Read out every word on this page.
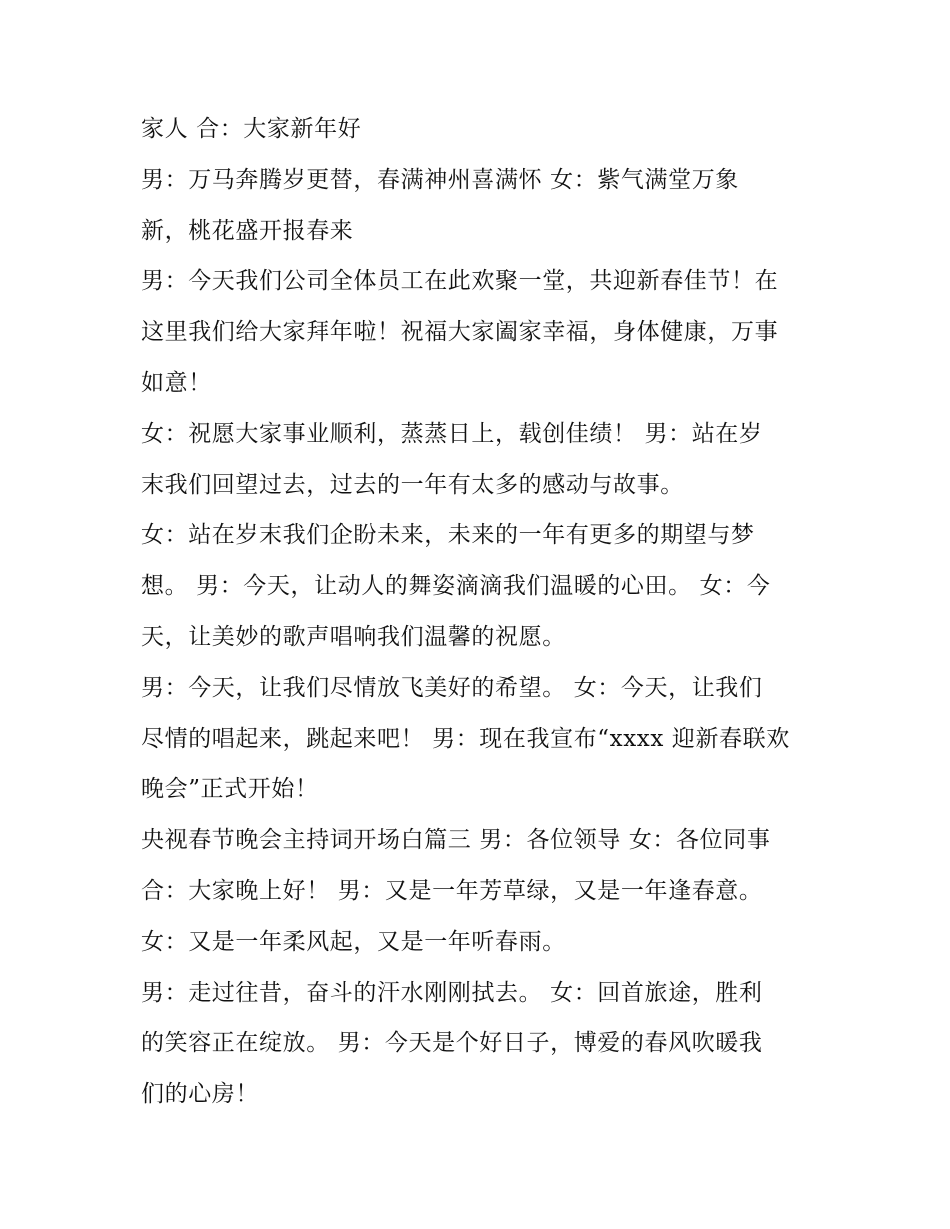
家人 合：大家新年好
男：万马奔腾岁更替，春满神州喜满怀 女：紫气满堂万象
新，桃花盛开报春来
男：今天我们公司全体员工在此欢聚一堂，共迎新春佳节！在
这里我们给大家拜年啦！祝福大家阖家幸福，身体健康，万事
如意！
女：祝愿大家事业顺利，蒸蒸日上，载创佳绩！ 男：站在岁
末我们回望过去，过去的一年有太多的感动与故事。
女：站在岁末我们企盼未来，未来的一年有更多的期望与梦
想。 男：今天，让动人的舞姿滴滴我们温暖的心田。 女：今
天，让美妙的歌声唱响我们温馨的祝愿。
男：今天，让我们尽情放飞美好的希望。 女：今天，让我们
尽情的唱起来，跳起来吧！ 男：现在我宣布“xxxx 迎新春联欢
晚会”正式开始！
央视春节晚会主持词开场白篇三 男：各位领导 女：各位同事
合：大家晚上好！ 男：又是一年芳草绿，又是一年逢春意。
女：又是一年柔风起，又是一年听春雨。
男：走过往昔，奋斗的汗水刚刚拭去。 女：回首旅途，胜利
的笑容正在绽放。 男：今天是个好日子，博爱的春风吹暖我
们的心房！
